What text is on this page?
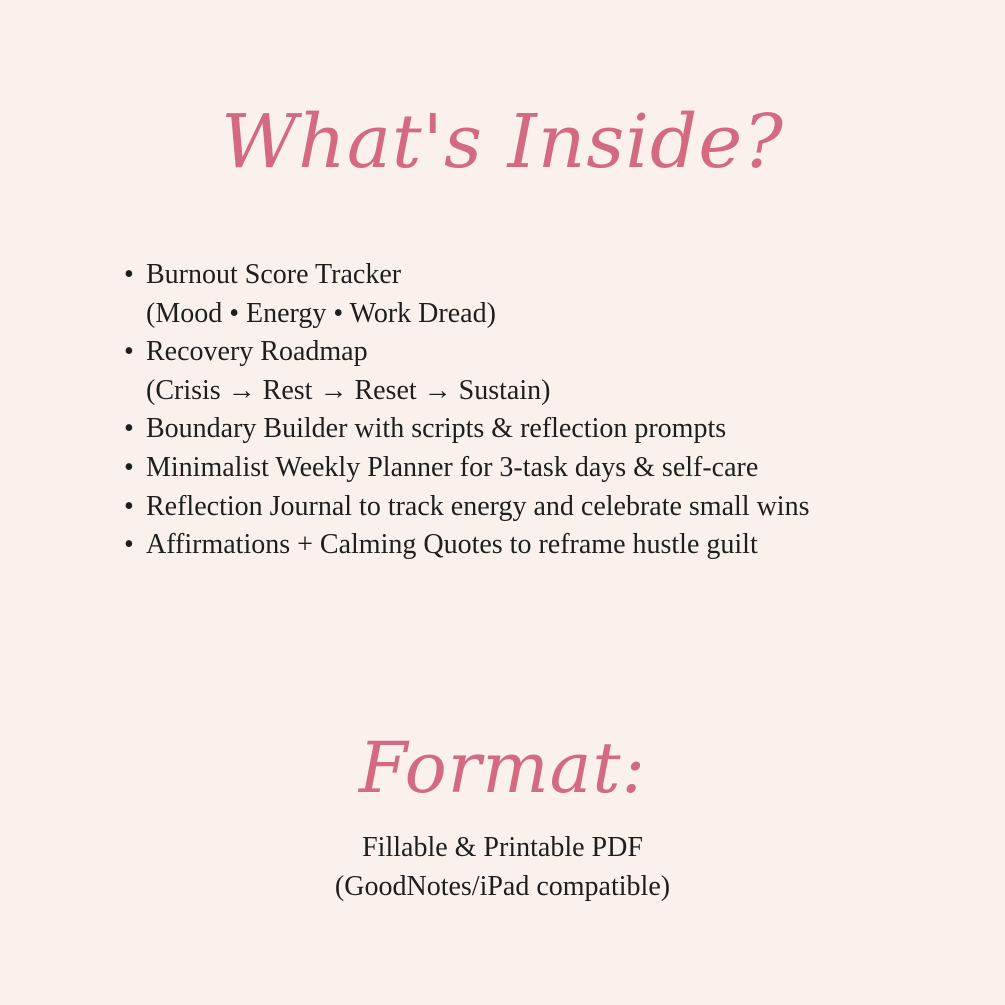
What's Inside?
• Burnout Score Tracker
(Mood • Energy • Work Dread)
• Recovery Roadmap
(Crisis → Rest → Reset → Sustain)
• Boundary Builder with scripts & reflection prompts
• Minimalist Weekly Planner for 3-task days & self-care
• Reflection Journal to track energy and celebrate small wins
• Affirmations + Calming Quotes to reframe hustle guilt
Format:
Fillable & Printable PDF
(GoodNotes/iPad compatible)
